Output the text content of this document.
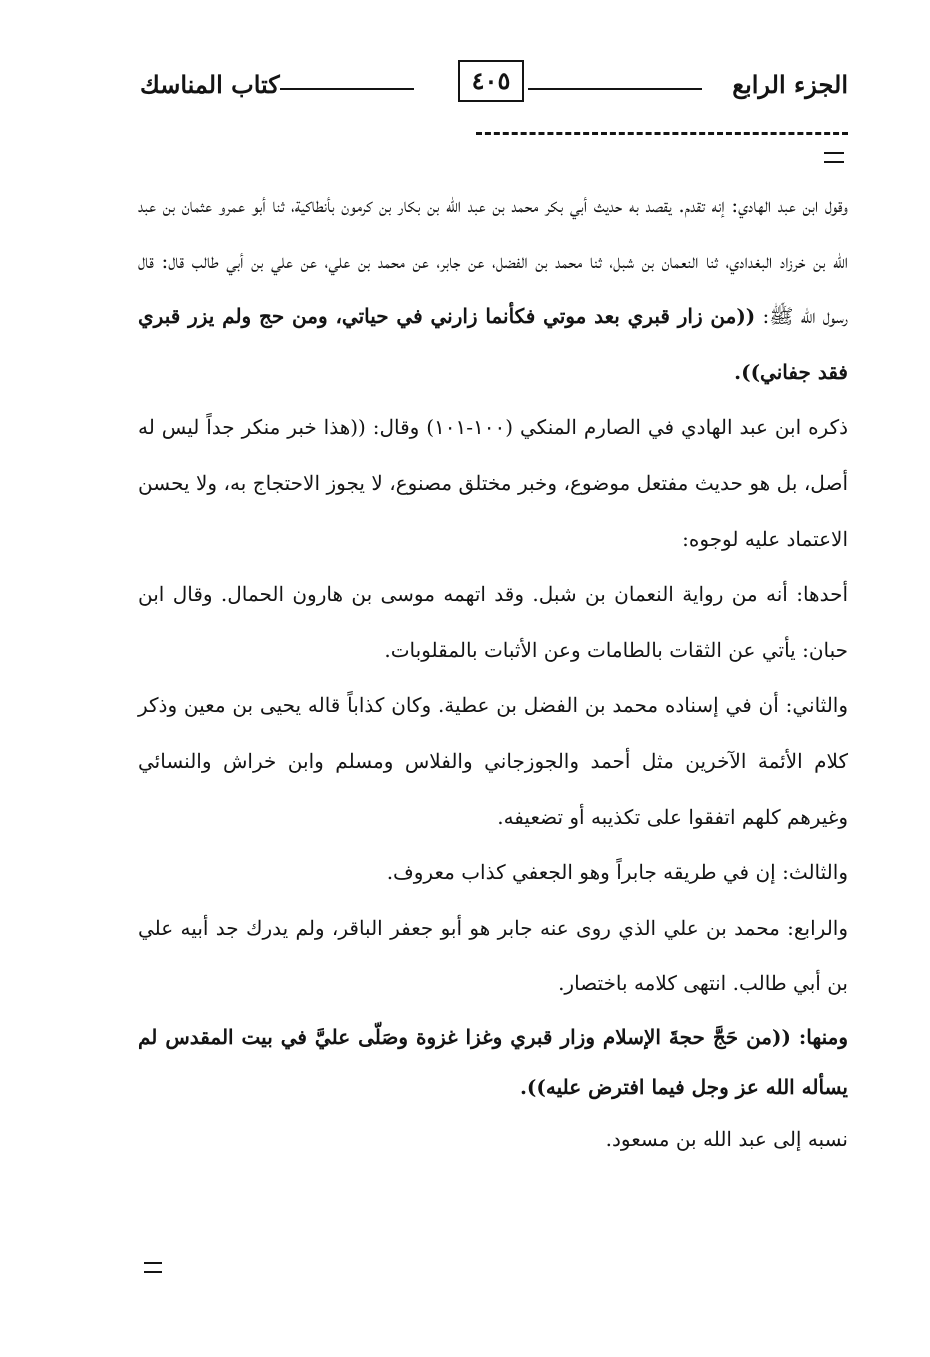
الجزء الرابع
٤٠٥
كتاب المناسك

وقول ابن عبد الهادي: إنه تقدم. يقصد به حديث أبي بكر محمد بن عبد الله بن بكار بن كرمون بأنطاكية، ثنا أبو عمرو عثمان بن عبد الله بن خرزاد البغدادي، ثنا النعمان بن شبل، ثنا محمد بن الفضل، عن جابر، عن محمد بن علي، عن علي بن أبي طالب قال: قال رسول الله ﷺ: ((من زار قبري بعد موتي فكأنما زارني في حياتي، ومن حج ولم يزر قبري فقد جفاني)).

ذكره ابن عبد الهادي في الصارم المنكي (١٠٠-١٠١) وقال: ((هذا خبر منكر جداً ليس له أصل، بل هو حديث مفتعل موضوع، وخبر مختلق مصنوع، لا يجوز الاحتجاج به، ولا يحسن الاعتماد عليه لوجوه:

أحدها: أنه من رواية النعمان بن شبل. وقد اتهمه موسى بن هارون الحمال. وقال ابن حبان: يأتي عن الثقات بالطامات وعن الأثبات بالمقلوبات.

والثاني: أن في إسناده محمد بن الفضل بن عطية. وكان كذاباً قاله يحيى بن معين وذكر كلام الأئمة الآخرين مثل أحمد والجوزجاني والفلاس ومسلم وابن خراش والنسائي وغيرهم كلهم اتفقوا على تكذيبه أو تضعيفه.

والثالث: إن في طريقه جابراً وهو الجعفي كذاب معروف.

والرابع: محمد بن علي الذي روى عنه جابر هو أبو جعفر الباقر، ولم يدرك جد أبيه علي بن أبي طالب. انتهى كلامه باختصار.

ومنها: ((من حَجَّ حجةَ الإسلام وزار قبري وغزا غزوة وصَلّى عليَّ في بيت المقدس لم يسأله الله عز وجل فيما افترض عليه)).

نسبه إلى عبد الله بن مسعود.
